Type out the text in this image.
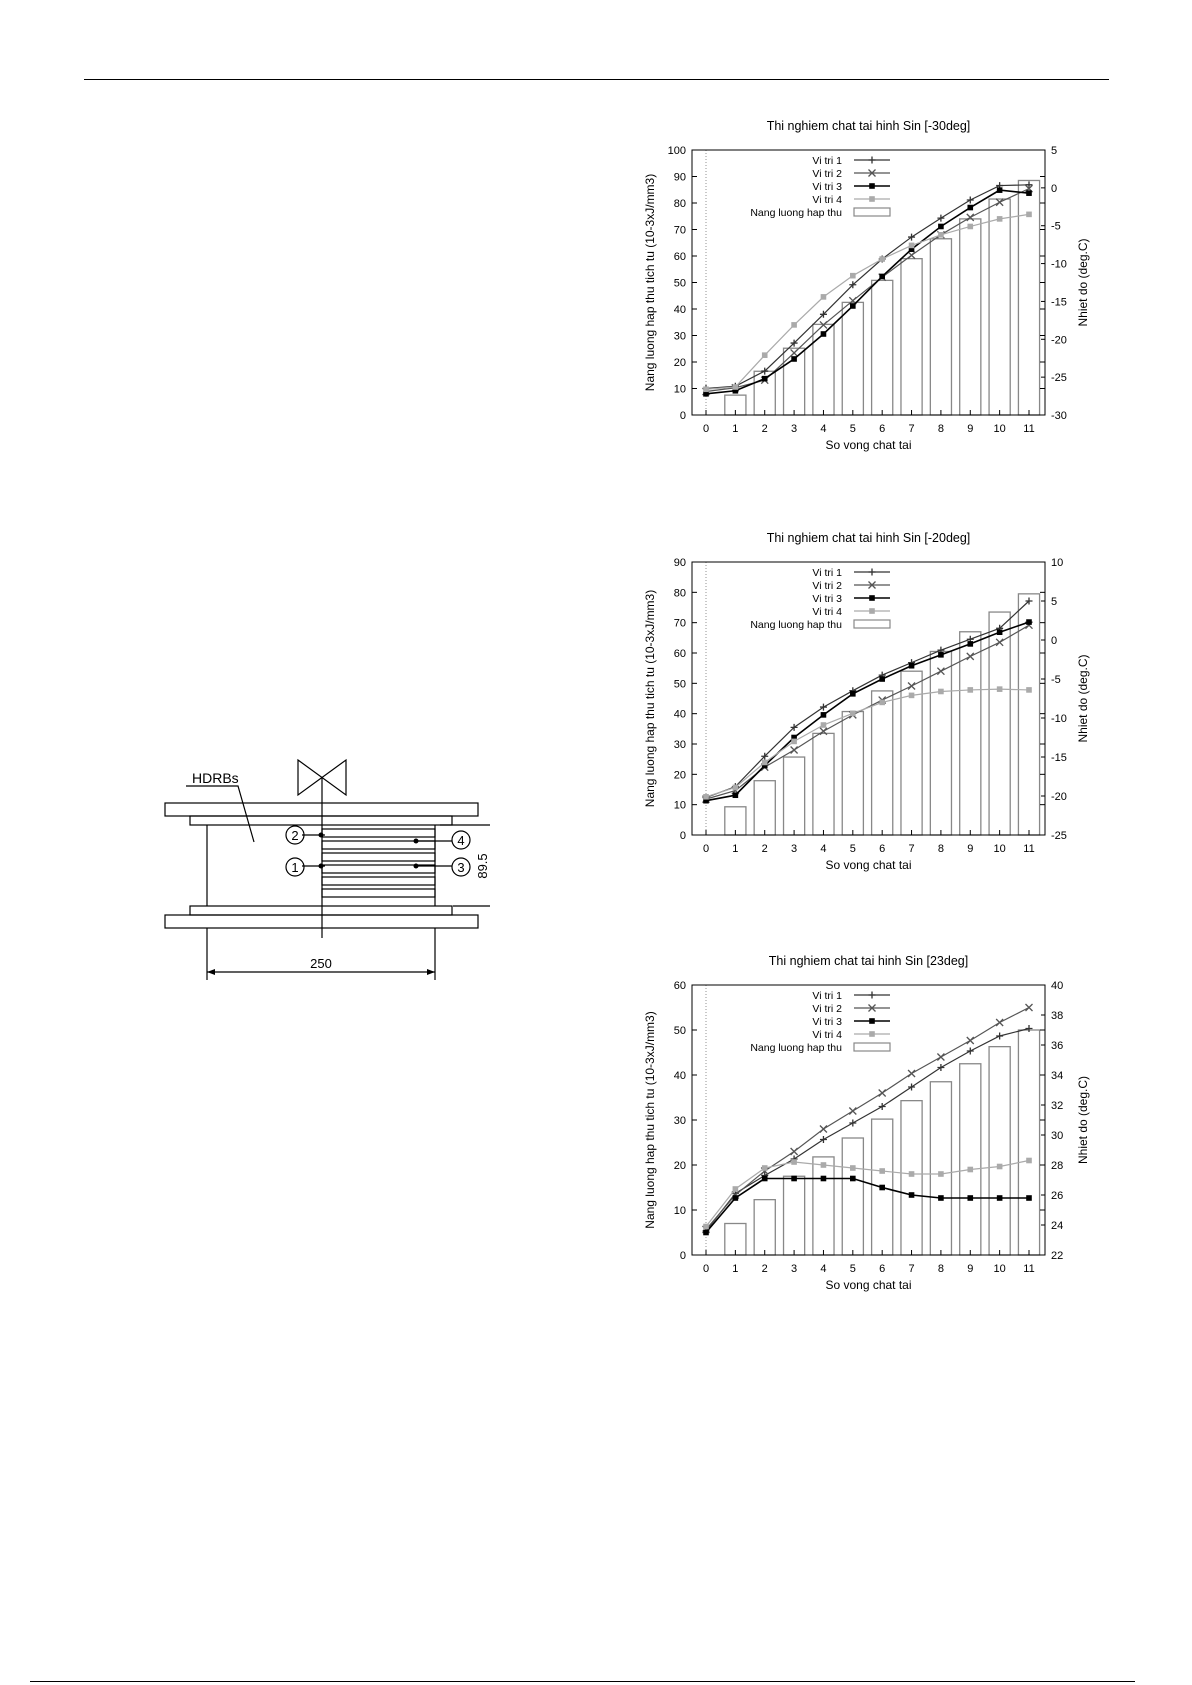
HDRBs
2
1
4
3
250
89.5
Thi nghiem chat tai hinh Sin [-30deg]
0
10
20
30
40
50
60
70
80
90
100
-30
-25
-20
-15
-10
-5
0
5
0 1 2 3 4 5 6 7 8 9 10 11
So vong chat tai
Nang luong hap thu tich tu (10-3xJ/mm3)	Nhiet do (deg.C)
Vi tri 1
Vi tri 2
Vi tri 3
Vi tri 4
Nang luong hap thu
Thi nghiem chat tai hinh Sin [-20deg]
0
10
20
30
40
50
60
70
80
90
-25
-20
-15
-10
-5
0
5
10
0 1 2 3 4 5 6 7 8 9 10 11
So vong chat tai
Nang luong hap thu tich tu (10-3xJ/mm3)	Nhiet do (deg.C)
Vi tri 1
Vi tri 2
Vi tri 3
Vi tri 4
Nang luong hap thu
Thi nghiem chat tai hinh Sin [23deg]
0
10
20
30
40
50
60
22
24
26
28
30
32
34
36
38
40
0 1 2 3 4 5 6 7 8 9 10 11
So vong chat tai
Nang luong hap thu tich tu (10-3xJ/mm3)	Nhiet do (deg.C)
Vi tri 1
Vi tri 2
Vi tri 3
Vi tri 4
Nang luong hap thu
